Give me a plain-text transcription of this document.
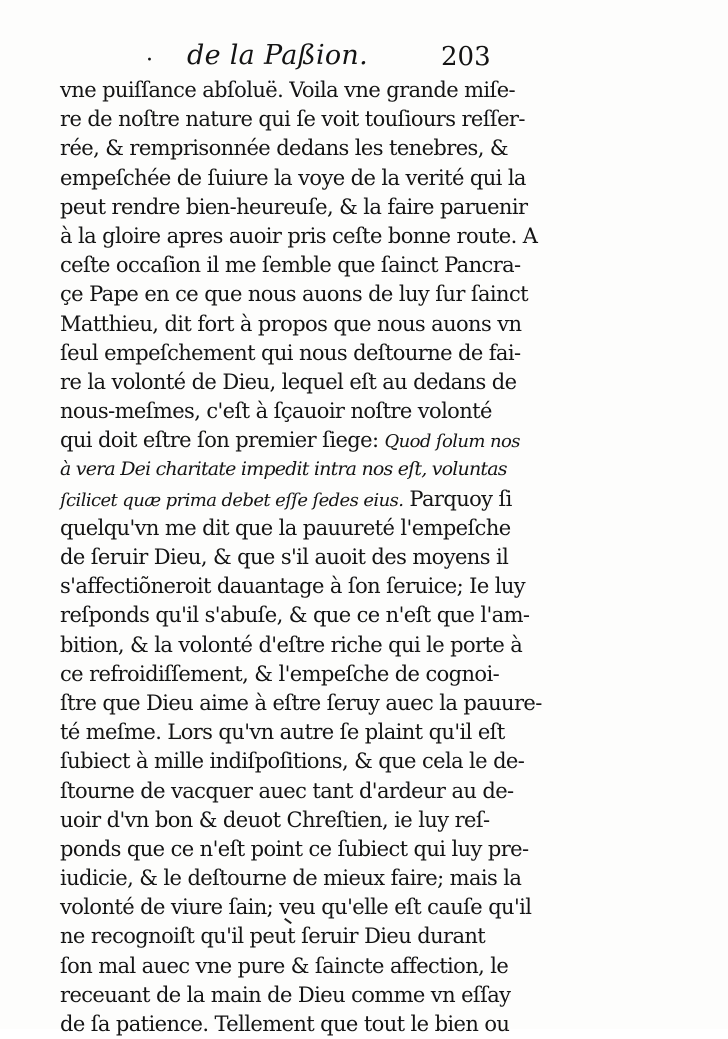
· de la Paßion.	203
vne puiſſance abſoluë. Voila vne grande miſe-
re de noſtre nature qui ſe voit touſiours reſſer-
rée, & remprisonnée dedans les tenebres, &
empeſchée de ſuiure la voye de la verité qui la
peut rendre bien-heureuſe, & la faire paruenir
à la gloire apres auoir pris ceſte bonne route. A
ceſte occaſion il me ſemble que ſainct Pancra-
çe Pape en ce que nous auons de luy ſur ſainct
Matthieu, dit fort à propos que nous auons vn
ſeul empeſchement qui nous deſtourne de fai-
re la volonté de Dieu, lequel eſt au dedans de
nous-meſmes, c'eſt à ſçauoir noſtre volonté
qui doit eſtre ſon premier ſiege: Quod ſolum nos
à vera Dei charitate impedit intra nos eſt, voluntas
ſcilicet quæ prima debet eſſe ſedes eius. Parquoy ſi
quelqu'vn me dit que la pauureté l'empeſche
de ſeruir Dieu, & que s'il auoit des moyens il
s'affectiõneroit dauantage à ſon ſeruice; Ie luy
reſponds qu'il s'abuſe, & que ce n'eſt que l'am-
bition, & la volonté d'eſtre riche qui le porte à
ce refroidiſſement, & l'empeſche de cognoi-
ſtre que Dieu aime à eſtre ſeruy auec la pauure-
té meſme. Lors qu'vn autre ſe plaint qu'il eſt
ſubiect à mille indiſpoſitions, & que cela le de-
ſtourne de vacquer auec tant d'ardeur au de-
uoir d'vn bon & deuot Chreſtien, ie luy reſ-
ponds que ce n'eſt point ce ſubiect qui luy pre-
iudicie, & le deſtourne de mieux faire; mais la
volonté de viure ſain; veu qu'elle eſt cauſe qu'il
ne recognoiſt qu'il peut ſeruir Dieu durant
ſon mal auec vne pure & ſaincte affection, le
receuant de la main de Dieu comme vn eſſay
de ſa patience. Tellement que tout le bien ou
